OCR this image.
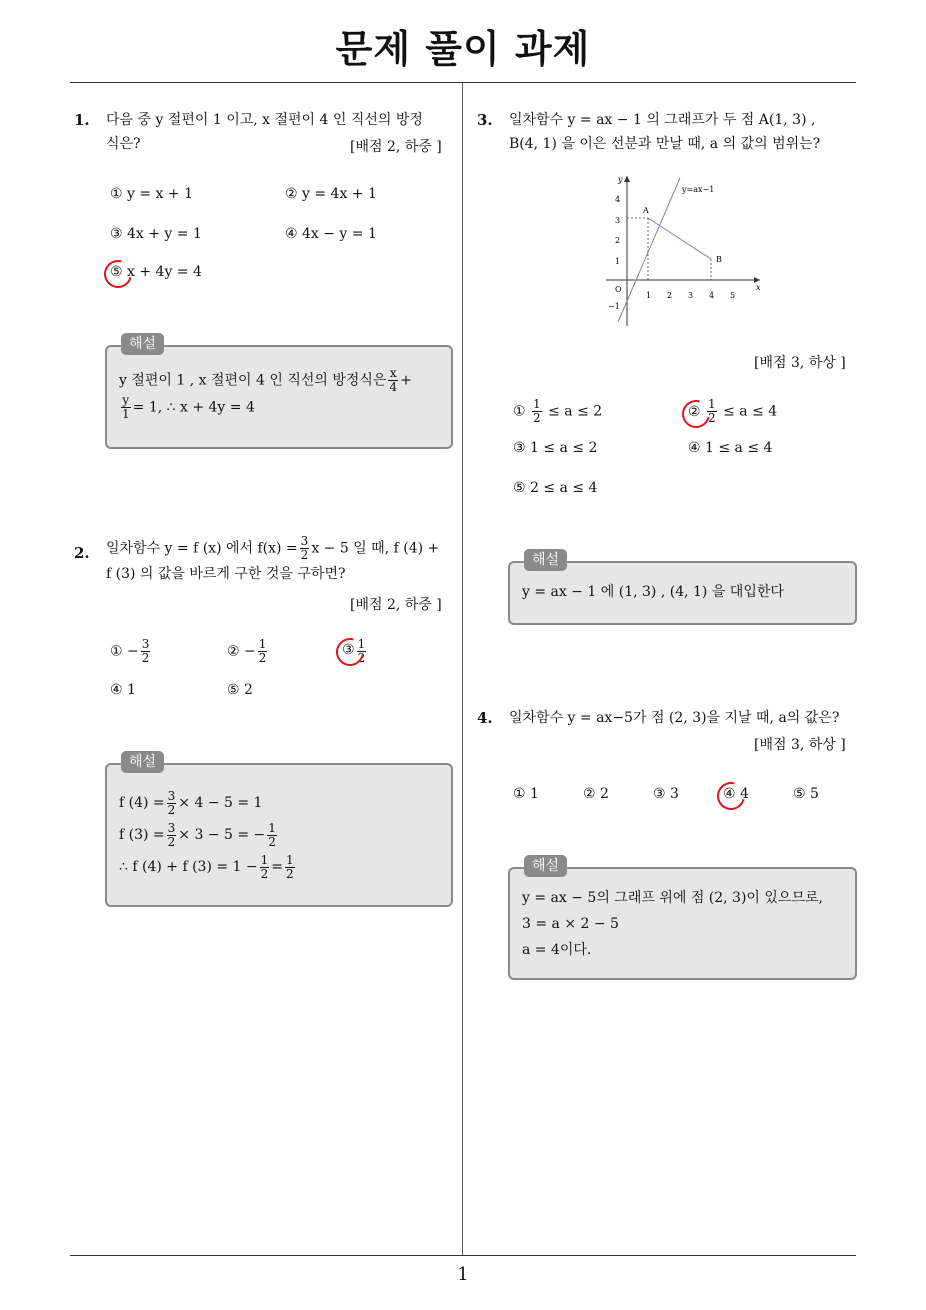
문제 풀이 과제
1
1. 다음 중 y 절편이 1 이고, x 절편이 4 인 직선의 방정
식은?	[배점 2, 하중 ]
① y = x + 1	② y = 4x + 1
③ 4x + y = 1	④ 4x − y = 1
⑤ x + 4y = 4
해설
y 절편이 1 , x 절편이 4 인 직선의 방정식은 $\frac{x}{4}$ +
$\frac{y}{1} = 1$, ∴ x + 4y = 4
2. 일차함수 y = f (x) 에서 $f(x) = \frac{3}{2}$ x − 5 일 때, f (4) +
f (3) 의 값을 바르게 구한 것을 구하면?
[배점 2, 하중 ]
① − $\frac{3}{2}$	② − $\frac{1}{2}$	③ $\frac{1}{2}$
④ 1	⑤ 2
해설
f $(4) = \frac{3}{2} \times 4 - 5 = 1$
f $(3) = \frac{3}{2} \times 3 - 5$ = − $\frac{1}{2}$
∴ f (4) + f $(3) = 1 - \frac{1}{2} = \frac{1}{2}$
3. 일차함수 y = ax − 1 의 그래프가 두 점 A(1, 3) ,
B(4, 1) 을 이은 선분과 만날 때, a 의 값의 범위는?
y
x
O
1 2 3 4 5
4
3
2
1
−1
A
B
y=ax−1
[배점 3, 하상 ]
① $\frac{1}{2} \le a \le 2$	② $\frac{1}{2} \le a \le 4$
③ 1 ≤ a ≤ 2	④ 1 ≤ a ≤ 4
⑤ 2 ≤ a ≤ 4
해설
y = ax − 1 에 (1, 3) , (4, 1) 을 대입한다
4. 일차함수 y = ax−5가 점 (2, 3)을 지날 때, a의 값은?
[배점 3, 하상 ]
① 1	② 2	③ 3	④ 4	⑤ 5
해설
y = ax − 5의 그래프 위에 점 (2, 3)이 있으므로,
3 = a × 2 − 5
a = 4이다.
